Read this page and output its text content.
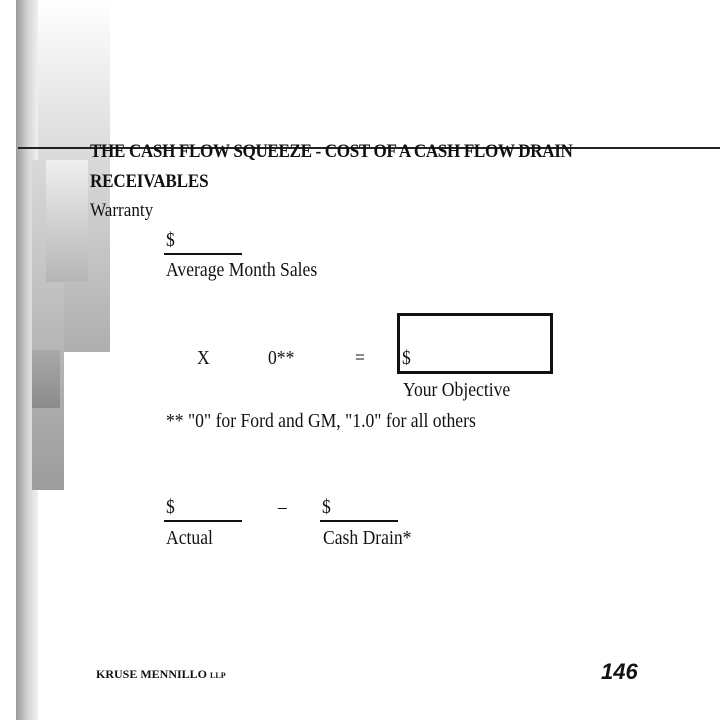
THE CASH FLOW SQUEEZE - COST OF A CASH FLOW DRAIN
RECEIVABLES
Warranty
$
Average Month Sales
X	0**	= $
Your Objective
** "0" for Ford and GM, "1.0" for all others
$
Actual
– $
Cash Drain*
KRUSE MENNILLO LLP	146
